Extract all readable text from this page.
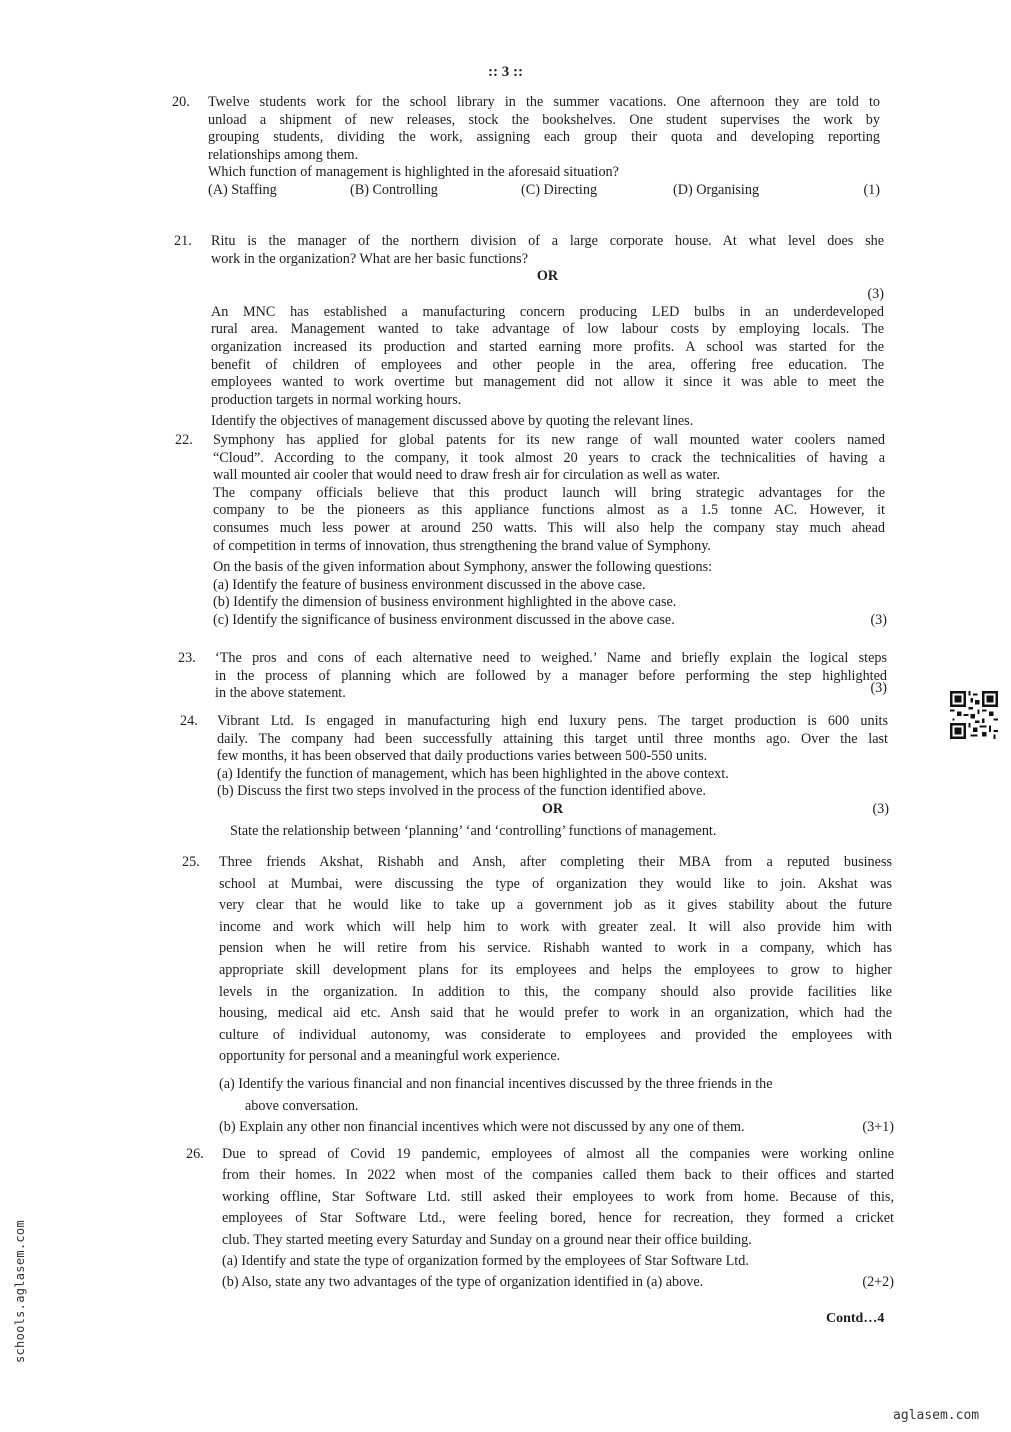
:: 3 ::
20. Twelve students work for the school library in the summer vacations. One afternoon they are told to

unload a shipment of new releases, stock the bookshelves. One student supervises the work by

grouping students, dividing the work, assigning each group their quota and developing reporting

relationships among them.

Which function of management is highlighted in the aforesaid situation?

(A) Staffing	(B) Controlling	(C) Directing	(D) Organising	(1)
21. Ritu is the manager of the northern division of a large corporate house. At what level does she

work in the organization? What are her basic functions?

OR
(3)

An MNC has established a manufacturing concern producing LED bulbs in an underdeveloped

rural area. Management wanted to take advantage of low labour costs by employing locals. The

organization increased its production and started earning more profits. A school was started for the

benefit of children of employees and other people in the area, offering free education. The

employees wanted to work overtime but management did not allow it since it was able to meet the

production targets in normal working hours.

Identify the objectives of management discussed above by quoting the relevant lines.

22. Symphony has applied for global patents for its new range of wall mounted water coolers named

“Cloud”. According to the company, it took almost 20 years to crack the technicalities of having a

wall mounted air cooler that would need to draw fresh air for circulation as well as water.

The company officials believe that this product launch will bring strategic advantages for the

company to be the pioneers as this appliance functions almost as a 1.5 tonne AC. However, it

consumes much less power at around 250 watts. This will also help the company stay much ahead

of competition in terms of innovation, thus strengthening the brand value of Symphony.

On the basis of the given information about Symphony, answer the following questions:

(a) Identify the feature of business environment discussed in the above case.

(b) Identify the dimension of business environment highlighted in the above case.

(c) Identify the significance of business environment discussed in the above case.	(3)
23. ‘The pros and cons of each alternative need to weighed.’ Name and briefly explain the logical steps

in the process of planning which are followed by a manager before performing the step highlighted

in the above statement.	(3)
24. Vibrant Ltd. Is engaged in manufacturing high end luxury pens. The target production is 600 units

daily. The company had been successfully attaining this target until three months ago. Over the last

few months, it has been observed that daily productions varies between 500-550 units.

(a) Identify the function of management, which has been highlighted in the above context.

(b) Discuss the first two steps involved in the process of the function identified above.

OR	(3)

State the relationship between ‘planning’ ‘and ‘controlling’ functions of management.

25. Three friends Akshat, Rishabh and Ansh, after completing their MBA from a reputed business

school at Mumbai, were discussing the type of organization they would like to join. Akshat was

very clear that he would like to take up a government job as it gives stability about the future

income and work which will help him to work with greater zeal. It will also provide him with

pension when he will retire from his service. Rishabh wanted to work in a company, which has

appropriate skill development plans for its employees and helps the employees to grow to higher

levels in the organization. In addition to this, the company should also provide facilities like

housing, medical aid etc. Ansh said that he would prefer to work in an organization, which had the

culture of individual autonomy, was considerate to employees and provided the employees with

opportunity for personal and a meaningful work experience.

(a) Identify the various financial and non financial incentives discussed by the three friends in the

above conversation.

(b) Explain any other non financial incentives which were not discussed by any one of them.	(3+1)
26. Due to spread of Covid 19 pandemic, employees of almost all the companies were working online

from their homes. In 2022 when most of the companies called them back to their offices and started

working offline, Star Software Ltd. still asked their employees to work from home. Because of this,

employees of Star Software Ltd., were feeling bored, hence for recreation, they formed a cricket

club. They started meeting every Saturday and Sunday on a ground near their office building.

(a) Identify and state the type of organization formed by the employees of Star Software Ltd.

(b) Also, state any two advantages of the type of organization identified in (a) above.	(2+2)
Contd…4
schools.aglasem.com
aglasem.com
